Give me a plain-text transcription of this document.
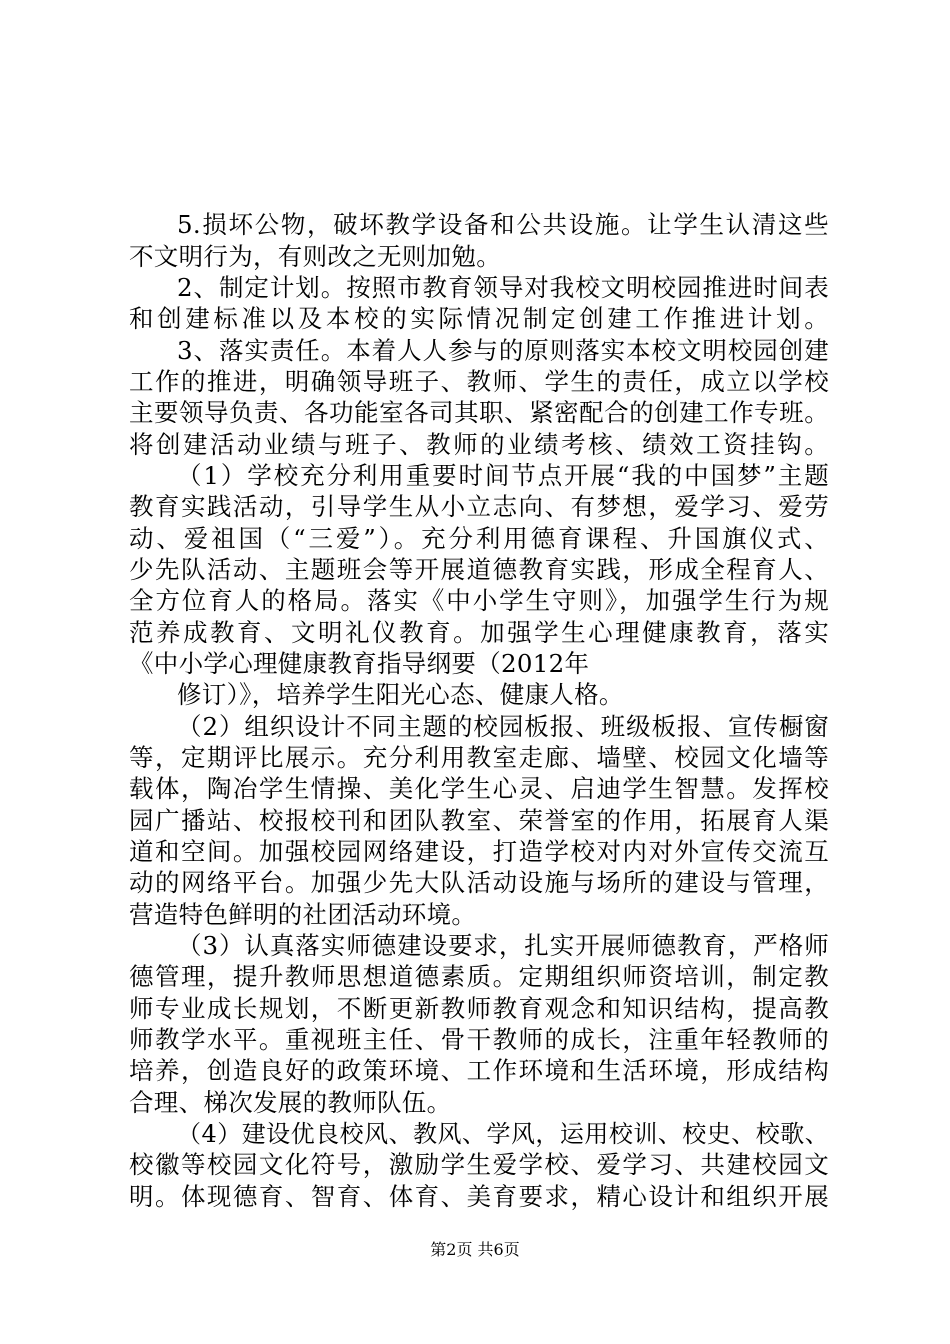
5.损坏公物，破坏教学设备和公共设施。让学生认清这些
不文明行为，有则改之无则加勉。
2、制定计划。按照市教育领导对我校文明校园推进时间表
和创建标准以及本校的实际情况制定创建工作推进计划。
3、落实责任。本着人人参与的原则落实本校文明校园创建
工作的推进，明确领导班子、教师、学生的责任，成立以学校
主要领导负责、各功能室各司其职、紧密配合的创建工作专班。
将创建活动业绩与班子、教师的业绩考核、绩效工资挂钩。
（1）学校充分利用重要时间节点开展“我的中国梦”主题
教育实践活动，引导学生从小立志向、有梦想，爱学习、爱劳
动、爱祖国（“三爱”）。充分利用德育课程、升国旗仪式、
少先队活动、主题班会等开展道德教育实践，形成全程育人、
全方位育人的格局。落实《中小学生守则》，加强学生行为规
范养成教育、文明礼仪教育。加强学生心理健康教育，落实
《中小学心理健康教育指导纲要（2012年
修订）》，培养学生阳光心态、健康人格。
（2）组织设计不同主题的校园板报、班级板报、宣传橱窗
等，定期评比展示。充分利用教室走廊、墙壁、校园文化墙等
载体，陶冶学生情操、美化学生心灵、启迪学生智慧。发挥校
园广播站、校报校刊和团队教室、荣誉室的作用，拓展育人渠
道和空间。加强校园网络建设，打造学校对内对外宣传交流互
动的网络平台。加强少先大队活动设施与场所的建设与管理，
营造特色鲜明的社团活动环境。
（3）认真落实师德建设要求，扎实开展师德教育，严格师
德管理，提升教师思想道德素质。定期组织师资培训，制定教
师专业成长规划，不断更新教师教育观念和知识结构，提高教
师教学水平。重视班主任、骨干教师的成长，注重年轻教师的
培养，创造良好的政策环境、工作环境和生活环境，形成结构
合理、梯次发展的教师队伍。
（4）建设优良校风、教风、学风，运用校训、校史、校歌、
校徽等校园文化符号，激励学生爱学校、爱学习、共建校园文
明。体现德育、智育、体育、美育要求，精心设计和组织开展
第2页 共6页
